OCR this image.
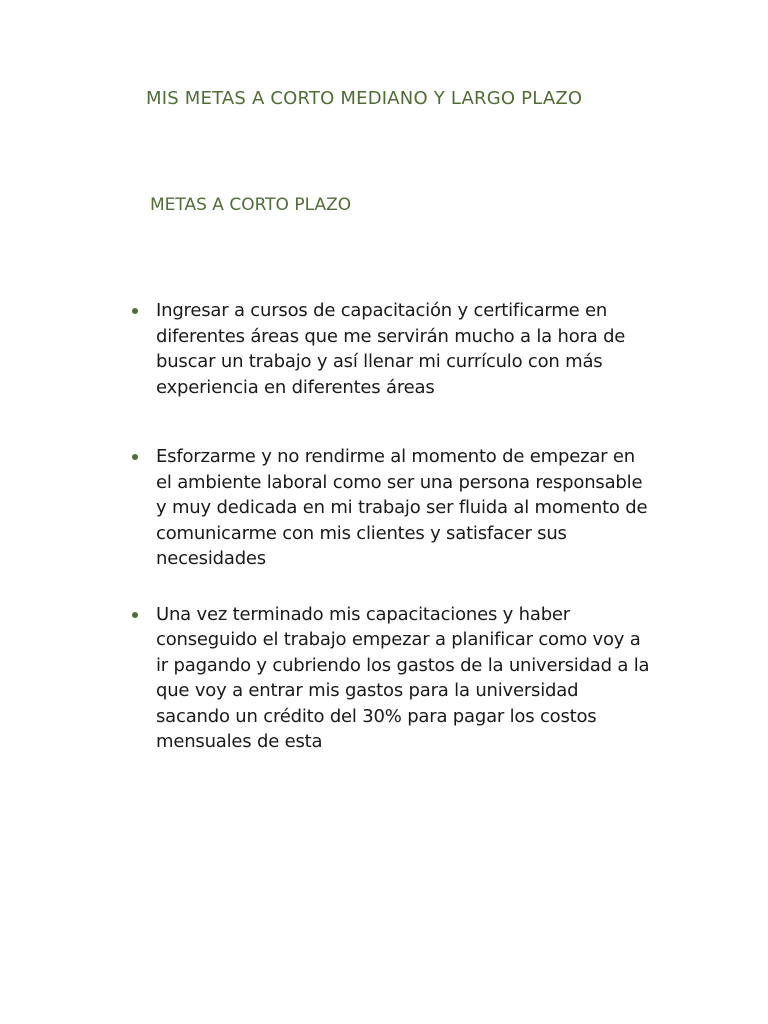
MIS METAS A CORTO MEDIANO Y LARGO PLAZO
METAS A CORTO PLAZO
Ingresar a cursos de capacitación y certificarme en diferentes áreas que me servirán mucho a la hora de buscar un trabajo y así llenar mi currículo con más experiencia en diferentes áreas
Esforzarme y no rendirme al momento de empezar en el ambiente laboral como ser una persona responsable y muy dedicada en mi trabajo ser fluida al momento de comunicarme con mis clientes y satisfacer sus necesidades
Una vez terminado mis capacitaciones y haber conseguido el trabajo empezar a planificar como voy a ir pagando y cubriendo los gastos de la universidad a la que voy a entrar mis gastos para la universidad sacando un crédito del 30% para pagar los costos mensuales de esta
